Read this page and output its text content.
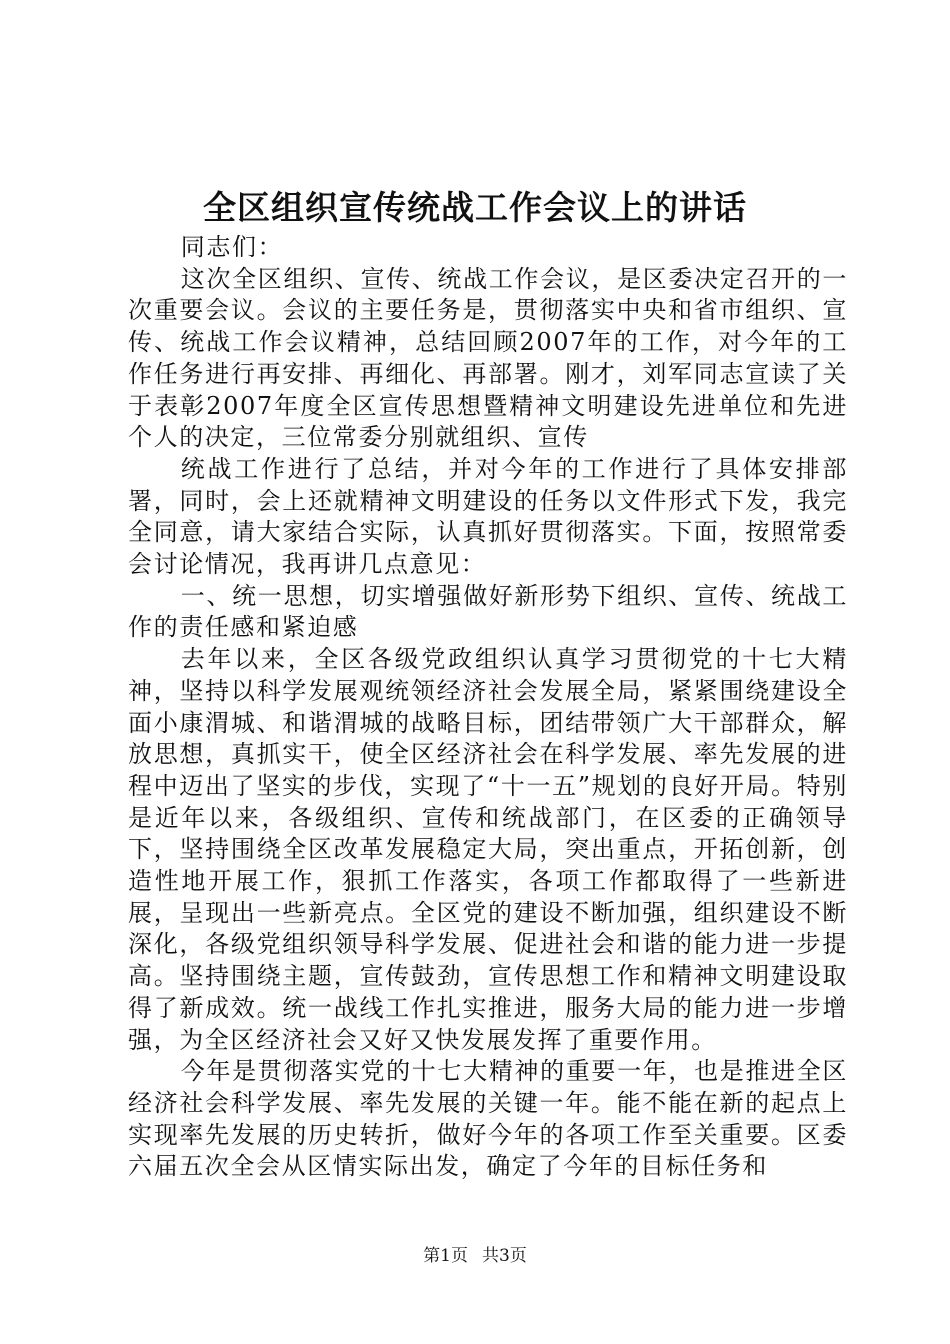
全区组织宣传统战工作会议上的讲话

同志们：

这次全区组织、宣传、统战工作会议，是区委决定召开的一次重要会议。会议的主要任务是，贯彻落实中央和省市组织、宣传、统战工作会议精神，总结回顾2007年的工作，对今年的工作任务进行再安排、再细化、再部署。刚才，刘军同志宣读了关于表彰2007年度全区宣传思想暨精神文明建设先进单位和先进个人的决定，三位常委分别就组织、宣传

统战工作进行了总结，并对今年的工作进行了具体安排部署，同时，会上还就精神文明建设的任务以文件形式下发，我完全同意，请大家结合实际，认真抓好贯彻落实。下面，按照常委会讨论情况，我再讲几点意见：

一、统一思想，切实增强做好新形势下组织、宣传、统战工作的责任感和紧迫感

去年以来，全区各级党政组织认真学习贯彻党的十七大精神，坚持以科学发展观统领经济社会发展全局，紧紧围绕建设全面小康渭城、和谐渭城的战略目标，团结带领广大干部群众，解放思想，真抓实干，使全区经济社会在科学发展、率先发展的进程中迈出了坚实的步伐，实现了“十一五”规划的良好开局。特别是近年以来，各级组织、宣传和统战部门，在区委的正确领导下，坚持围绕全区改革发展稳定大局，突出重点，开拓创新，创造性地开展工作，狠抓工作落实，各项工作都取得了一些新进展，呈现出一些新亮点。全区党的建设不断加强，组织建设不断深化，各级党组织领导科学发展、促进社会和谐的能力进一步提高。坚持围绕主题，宣传鼓劲，宣传思想工作和精神文明建设取得了新成效。统一战线工作扎实推进，服务大局的能力进一步增强，为全区经济社会又好又快发展发挥了重要作用。

今年是贯彻落实党的十七大精神的重要一年，也是推进全区经济社会科学发展、率先发展的关键一年。能不能在新的起点上实现率先发展的历史转折，做好今年的各项工作至关重要。区委六届五次全会从区情实际出发，确定了今年的目标任务和

第1页 共3页
